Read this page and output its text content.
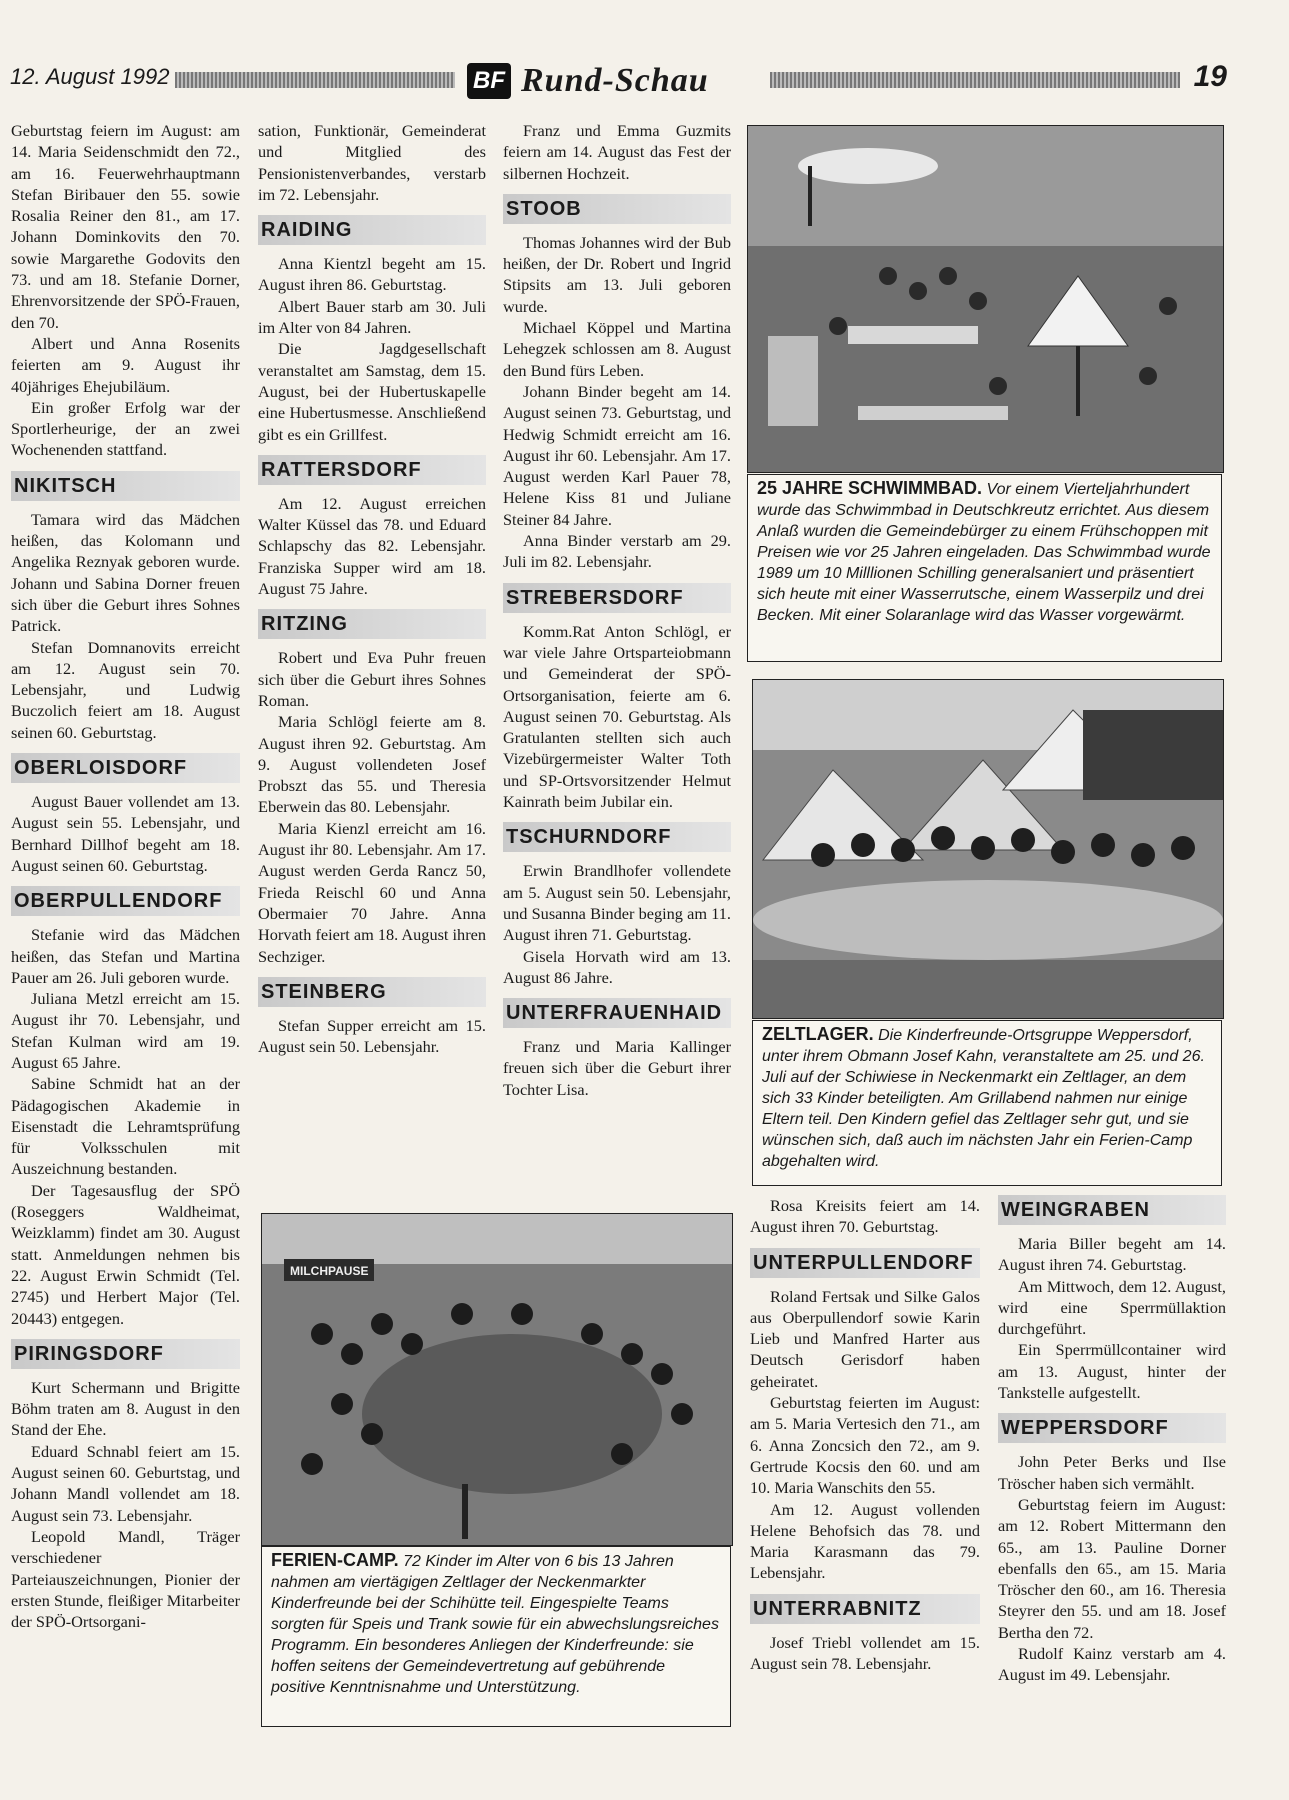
12. August 1992	BF Rund-Schau	19

Geburtstag feiern im August: am 14. Maria Seidenschmidt den 72., am 16. Feuerwehrhauptmann Stefan Biribauer den 55. sowie Rosalia Reiner den 81., am 17. Johann Dominkovits den 70. sowie Margarethe Godovits den 73. und am 18. Stefanie Dorner, Ehrenvorsitzende der SPÖ-Frauen, den 70.

Albert und Anna Rosenits feierten am 9. August ihr 40jähriges Ehejubiläum.

Ein großer Erfolg war der Sportlerheurige, der an zwei Wochenenden stattfand.

NIKITSCH

Tamara wird das Mädchen heißen, das Kolomann und Angelika Reznyak geboren wurde. Johann und Sabina Dorner freuen sich über die Geburt ihres Sohnes Patrick.

Stefan Domnanovits erreicht am 12. August sein 70. Lebensjahr, und Ludwig Buczolich feiert am 18. August seinen 60. Geburtstag.

OBERLOISDORF

August Bauer vollendet am 13. August sein 55. Lebensjahr, und Bernhard Dillhof begeht am 18. August seinen 60. Geburtstag.

OBERPULLENDORF

Stefanie wird das Mädchen heißen, das Stefan und Martina Pauer am 26. Juli geboren wurde.

Juliana Metzl erreicht am 15. August ihr 70. Lebensjahr, und Stefan Kulman wird am 19. August 65 Jahre.

Sabine Schmidt hat an der Pädagogischen Akademie in Eisenstadt die Lehramtsprüfung für Volksschulen mit Auszeichnung bestanden.

Der Tagesausflug der SPÖ (Roseggers Waldheimat, Weizklamm) findet am 30. August statt. Anmeldungen nehmen bis 22. August Erwin Schmidt (Tel. 2745) und Herbert Major (Tel. 20443) entgegen.

PIRINGSDORF

Kurt Schermann und Brigitte Böhm traten am 8. August in den Stand der Ehe.

Eduard Schnabl feiert am 15. August seinen 60. Geburtstag, und Johann Mandl vollendet am 18. August sein 73. Lebensjahr.

Leopold Mandl, Träger verschiedener Parteiauszeichnungen, Pionier der ersten Stunde, fleißiger Mitarbeiter der SPÖ-Ortsorgani-

sation, Funktionär, Gemeinderat und Mitglied des Pensionistenverbandes, verstarb im 72. Lebensjahr.

RAIDING

Anna Kientzl begeht am 15. August ihren 86. Geburtstag.

Albert Bauer starb am 30. Juli im Alter von 84 Jahren.

Die Jagdgesellschaft veranstaltet am Samstag, dem 15. August, bei der Hubertuskapelle eine Hubertusmesse. Anschließend gibt es ein Grillfest.

RATTERSDORF

Am 12. August erreichen Walter Küssel das 78. und Eduard Schlapschy das 82. Lebensjahr. Franziska Supper wird am 18. August 75 Jahre.

RITZING

Robert und Eva Puhr freuen sich über die Geburt ihres Sohnes Roman.

Maria Schlögl feierte am 8. August ihren 92. Geburtstag. Am 9. August vollendeten Josef Probszt das 55. und Theresia Eberwein das 80. Lebensjahr.

Maria Kienzl erreicht am 16. August ihr 80. Lebensjahr. Am 17. August werden Gerda Rancz 50, Frieda Reischl 60 und Anna Obermaier 70 Jahre. Anna Horvath feiert am 18. August ihren Sechziger.

STEINBERG

Stefan Supper erreicht am 15. August sein 50. Lebensjahr.

Franz und Emma Guzmits feiern am 14. August das Fest der silbernen Hochzeit.

STOOB

Thomas Johannes wird der Bub heißen, der Dr. Robert und Ingrid Stipsits am 13. Juli geboren wurde.

Michael Köppel und Martina Lehegzek schlossen am 8. August den Bund fürs Leben.

Johann Binder begeht am 14. August seinen 73. Geburtstag, und Hedwig Schmidt erreicht am 16. August ihr 60. Lebensjahr. Am 17. August werden Karl Pauer 78, Helene Kiss 81 und Juliane Steiner 84 Jahre.

Anna Binder verstarb am 29. Juli im 82. Lebensjahr.

STREBERSDORF

Komm.Rat Anton Schlögl, er war viele Jahre Ortsparteiobmann und Gemeinderat der SPÖ-Ortsorganisation, feierte am 6. August seinen 70. Geburtstag. Als Gratulanten stellten sich auch Vizebürgermeister Walter Toth und SP-Ortsvorsitzender Helmut Kainrath beim Jubilar ein.

TSCHURNDORF

Erwin Brandlhofer vollendete am 5. August sein 50. Lebensjahr, und Susanna Binder beging am 11. August ihren 71. Geburtstag.

Gisela Horvath wird am 13. August 86 Jahre.

UNTERFRAUENHAID

Franz und Maria Kallinger freuen sich über die Geburt ihrer Tochter Lisa.

25 JAHRE SCHWIMMBAD. Vor einem Vierteljahrhundert wurde das Schwimmbad in Deutschkreutz errichtet. Aus diesem Anlaß wurden die Gemeindebürger zu einem Frühschoppen mit Preisen wie vor 25 Jahren eingeladen. Das Schwimmbad wurde 1989 um 10 Milllionen Schilling generalsaniert und präsentiert sich heute mit einer Wasserrutsche, einem Wasserpilz und drei Becken. Mit einer Solaranlage wird das Wasser vorgewärmt.
ZELTLAGER. Die Kinderfreunde-Ortsgruppe Weppersdorf, unter ihrem Obmann Josef Kahn, veranstaltete am 25. und 26. Juli auf der Schiwiese in Neckenmarkt ein Zeltlager, an dem sich 33 Kinder beteiligten. Am Grillabend nahmen nur einige Eltern teil. Den Kindern gefiel das Zeltlager sehr gut, und sie wünschen sich, daß auch im nächsten Jahr ein Ferien-Camp abgehalten wird.
MILCHPAUSE
FERIEN-CAMP. 72 Kinder im Alter von 6 bis 13 Jahren nahmen am viertägigen Zeltlager der Neckenmarkter Kinderfreunde bei der Schihütte teil. Eingespielte Teams sorgten für Speis und Trank sowie für ein abwechslungsreiches Programm. Ein besonderes Anliegen der Kinderfreunde: sie hoffen seitens der Gemeindevertretung auf gebührende positive Kenntnisnahme und Unterstützung.

Rosa Kreisits feiert am 14. August ihren 70. Geburtstag.

UNTERPULLENDORF

Roland Fertsak und Silke Galos aus Oberpullendorf sowie Karin Lieb und Manfred Harter aus Deutsch Gerisdorf haben geheiratet.

Geburtstag feierten im August: am 5. Maria Vertesich den 71., am 6. Anna Zoncsich den 72., am 9. Gertrude Kocsis den 60. und am 10. Maria Wanschits den 55.

Am 12. August vollenden Helene Behofsich das 78. und Maria Karasmann das 79. Lebensjahr.

UNTERRABNITZ

Josef Triebl vollendet am 15. August sein 78. Lebensjahr.

WEINGRABEN

Maria Biller begeht am 14. August ihren 74. Geburtstag.

Am Mittwoch, dem 12. August, wird eine Sperrmüllaktion durchgeführt.

Ein Sperrmüllcontainer wird am 13. August, hinter der Tankstelle aufgestellt.

WEPPERSDORF

John Peter Berks und Ilse Tröscher haben sich vermählt.

Geburtstag feiern im August: am 12. Robert Mittermann den 65., am 13. Pauline Dorner ebenfalls den 65., am 15. Maria Tröscher den 60., am 16. Theresia Steyrer den 55. und am 18. Josef Bertha den 72.

Rudolf Kainz verstarb am 4. August im 49. Lebensjahr.
